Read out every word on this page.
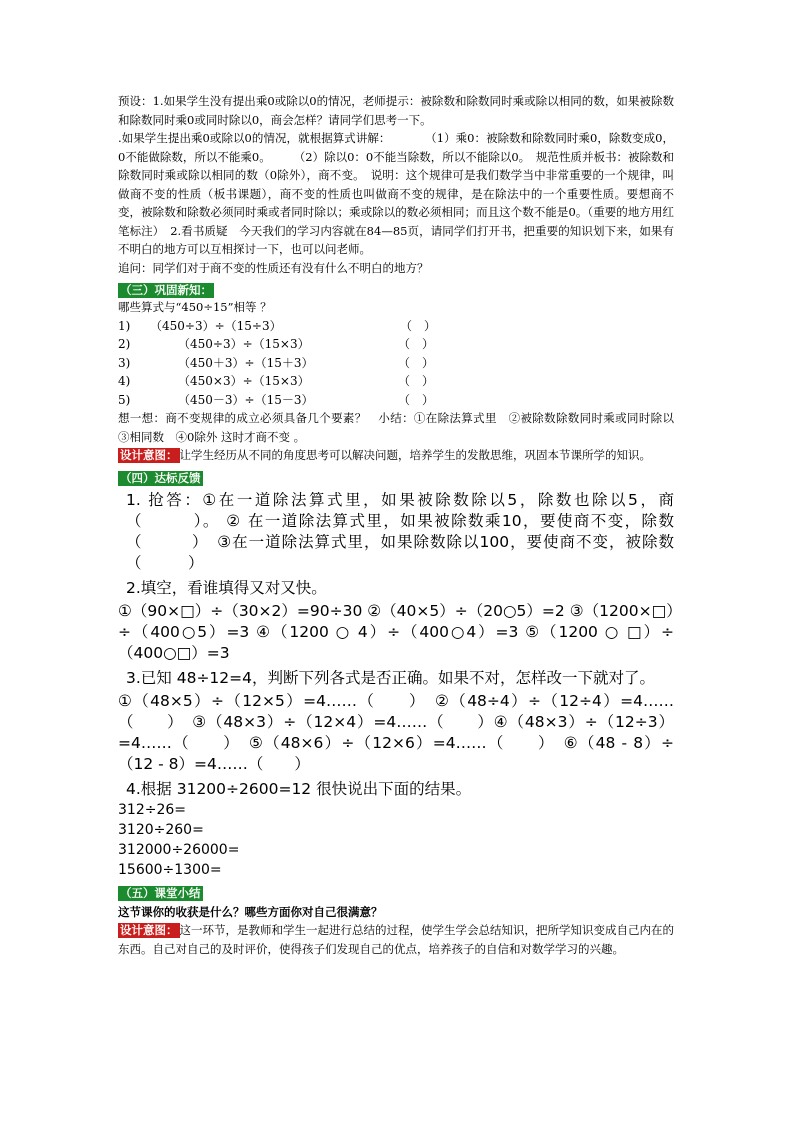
预设：1.如果学生没有提出乘0或除以0的情况，老师提示：被除数和除数同时乘或除以相同的数，如果被除数和除数同时乘0或同时除以0，商会怎样？请同学们思考一下。

.如果学生提出乘0或除以0的情况，就根据算式讲解：　　　　（1）乘0：被除数和除数同时乘0，除数变成0，0不能做除数，所以不能乘0。　　　（2）除以0：0不能当除数，所以不能除以0。　规范性质并板书：被除数和除数同时乘或除以相同的数（0除外），商不变。　说明：这个规律可是我们数学当中非常重要的一个规律，叫做商不变的性质（板书课题），商不变的性质也叫做商不变的规律，是在除法中的一个重要性质。要想商不变，被除数和除数必须同时乘或者同时除以；乘或除以的数必须相同；而且这个数不能是0。（重要的地方用红笔标注）　2.看书质疑　今天我们的学习内容就在84—85页，请同学们打开书，把重要的知识划下来，如果有不明白的地方可以互相探讨一下，也可以问老师。

追问：同学们对于商不变的性质还有没有什么不明白的地方？

（三）巩固新知：

哪些算式与“450÷15”相等 ？

1)	（450÷3）÷（15÷3）	（　）
2)	（450÷3）÷（15×3）	（　）
3)	（450＋3）÷（15＋3）	（　）
4)	（450×3）÷（15×3）	（　）
5)	（450－3）÷（15－3）	（　）

想一想：商不变规律的成立必须具备几个要素？　小结：①在除法算式里　②被除数除数同时乘或同时除以　③相同数　④0除外 这时才商不变 。

设计意图： 让学生经历从不同的角度思考可以解决问题，培养学生的发散思维，巩固本节课所学的知识。

（四）达标反馈

1. 抢答：①在一道除法算式里，如果被除数除以5，除数也除以5，商（　　　）。 ② 在一道除法算式里，如果被除数乘10，要使商不变，除数（　　　）　③在一道除法算式里，如果除数除以100，要使商不变，被除数（　　　）

2.填空，看谁填得又对又快。

①（90×□）÷（30×2）=90÷30 ②（40×5）÷（20○5）=2 ③（1200×□）÷（400○5）=3 ④（1200 ○ 4）÷（400○4）=3 ⑤（1200 ○ □）÷（400○□）=3

3.已知 48÷12=4，判断下列各式是否正确。如果不对，怎样改一下就对了。

①（48×5）÷（12×5）=4……（　　）　②（48÷4）÷（12÷4）=4……（　　）　③（48×3）÷（12×4）=4……（　　）④（48×3）÷（12÷3）=4……（　　）　⑤（48×6）÷（12×6）=4……（　　）　⑥（48 - 8）÷（12 - 8）=4……（　　）

4.根据 31200÷2600=12 很快说出下面的结果。

312÷26=

3120÷260=

312000÷26000=

15600÷1300=

（五）课堂小结

这节课你的收获是什么？哪些方面你对自己很满意？

设计意图： 这一环节，是教师和学生一起进行总结的过程，使学生学会总结知识，把所学知识变成自己内在的东西。自己对自己的及时评价，使得孩子们发现自己的优点，培养孩子的自信和对数学学习的兴趣。
